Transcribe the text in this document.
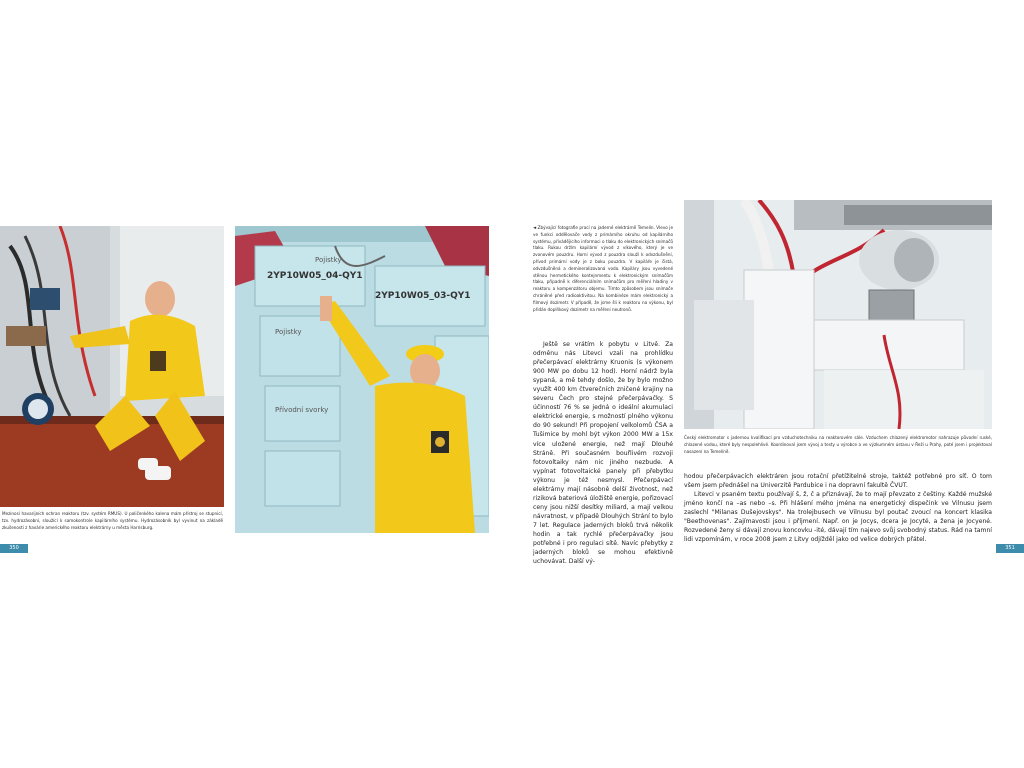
Pojistky
2YP10W05_04-QY1
2YP10W05_03-QY1
Pojistky
Přívodní svorky

Mezinosí havarijních ochran reaktoru (tzv. systém RMUS). U poličenkého kalena mám přístroj se stupnicí, tzv. hydrozásobní, sloužící k samokontrole kapilárního systému. Hydrozásobník byl vyvinut na základě zkušenosti z havárie amerického reaktoru elektrárny u města Harrisburg.

◄ Zbývající fotografie prací na jaderné elektrárně Temelín. Vlevo je ve funkci oddělovače vody z primárního okruhu od kapilárního systému, přivádějícího informaci o tlaku do elektronických snímačů tlaku. Rukou držím kapilární vývod z víkového, který je ve zvonovém pouzdru. Horní vývod z pouzdra slouží k odvzdušnění, přívod primární vody je z boku pouzdra. V kapiláře je čistá, odvzdušněná a demineralizovaná voda. Kapiláry jsou vyvedené stěnou hermetického kontejnmentu k elektronickým snímačům tlaku, případně k diferenciálním snímačům pro měření hladiny v reaktoru a kompenzátoru objemu. Tímto způsobem jsou snímače chráněné před radioaktivitou. Na kombinéze mám elektronický a filmový dozimetr. V případě, že jsme šli k reaktoru na výkonu, byl přidán doplňkový dozimetr na měření neutronů.

Český elektromotor s jadernou kvalifikací pro vzduchotechniku na reaktorovém sále. Vzduchem chlazený elektromotor nahrazuje původní ruské, chlazené vodou, které byly nespolehlivé. Koordinoval jsem vývoj a testy u výrobce a ve výzkumném ústavu v Řeži u Prahy, poté jsem i projektoval nasazení na Temelíně.

Ještě se vrátím k pobytu v Litvě. Za odměnu nás Litevci vzali na prohlídku přečerpávací elektrárny Kruonis (s výkonem 900 MW po dobu 12 hod). Horní nádrž byla sypaná, a mě tehdy došlo, že by bylo možno využít 400 km čtverečních zničené krajiny na severu Čech pro stejné přečerpávačky. S účinností 76 % se jedná o ideální akumulaci elektrické energie, s možností plného výkonu do 90 sekund! Při propojení velkolomů ČSA a Tušimice by mohl být výkon 2000 MW a 15x více uložené energie, než mají Dlouhé Stráně. Při současném bouřlivém rozvoji fotovoltaiky nám nic jiného nezbude. A vypínat fotovoltaické panely při přebytku výkonu je též nesmysl. Přečerpávací elektrárny mají násobně delší životnost, než riziková bateriová úložiště energie, pořizovací ceny jsou nižší desítky miliard, a mají velkou návratnost, v případě Dlouhých Strání to bylo 7 let. Regulace jaderných bloků trvá několik hodin a tak rychlé přečerpávačky jsou potřebné i pro regulaci sítě. Navíc přebytky z jaderných bloků se mohou efektivně uchovávat. Další vý-

hodou přečerpávacích elektráren jsou rotační přetížitelné stroje, taktéž potřebné pro síť. O tom všem jsem přednášel na Univerzitě Pardubice i na dopravní fakultě ČVUT.

Litevci v psaném textu používají š, ž, č a přiznávají, že to mají převzato z češtiny. Každé mužské jméno končí na –as nebo –s. Při hlášení mého jména na energetický dispečink ve Vilnusu jsem zaslechl "Milanas Dušejovskys". Na trolejbusech ve Vilnusu byl poutač zvoucí na koncert klasika "Beethovenas". Zajímavosti jsou i příjmení. Např. on je Jocys, dcera je Jocyté, a žena je Jocyené. Rozvedené ženy si dávají znovu koncovku -ité, dávají tím najevo svůj svobodný status. Rád na tamní lidi vzpomínám, v roce 2008 jsem z Litvy odjížděl jako od velice dobrých přátel.

350	351
